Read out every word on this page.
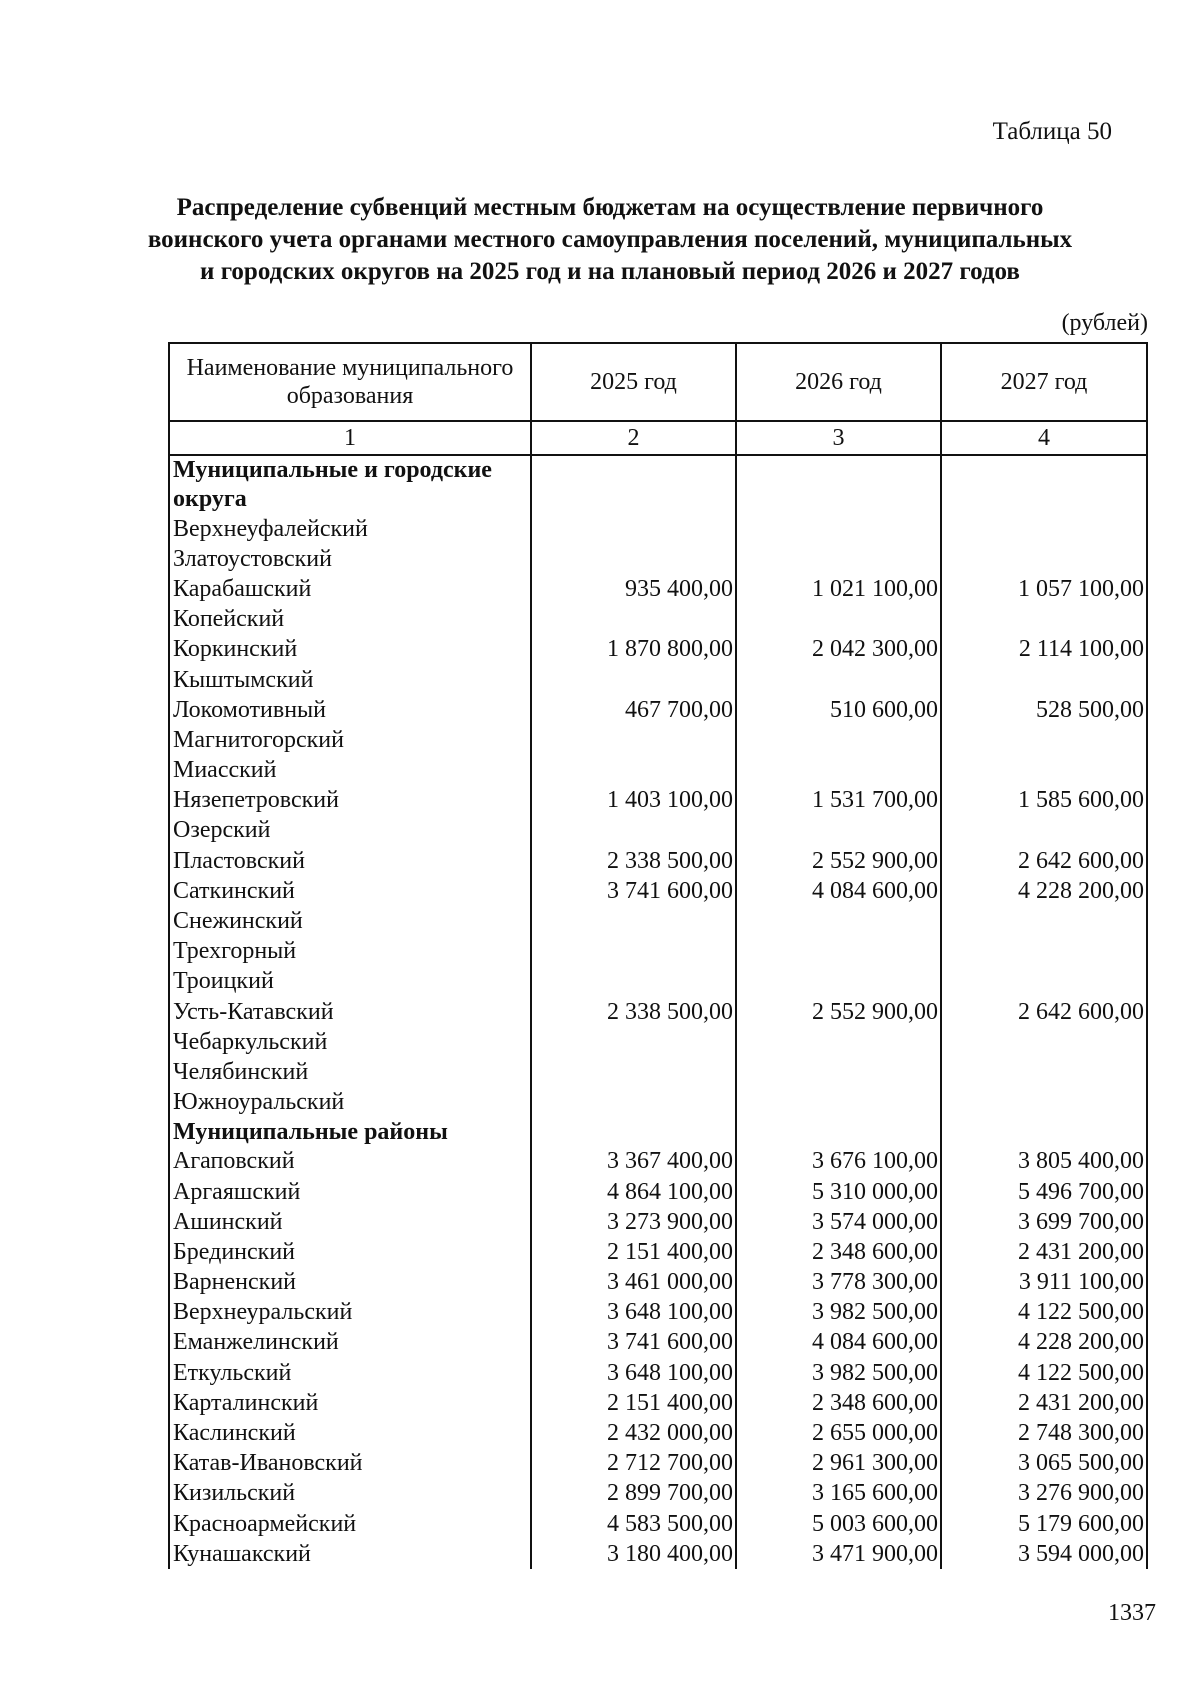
Таблица 50
Распределение субвенций местным бюджетам на осуществление первичного
воинского учета органами местного самоуправления поселений, муниципальных
и городских округов на 2025 год и на плановый период 2026 и 2027 годов
(рублей)
Наименование муниципального образования	2025 год	2026 год	2027 год
1	2	3	4
Муниципальные и городские округа			
Верхнеуфалейский			
Златоустовский			
Карабашский	935 400,00	1 021 100,00	1 057 100,00
Копейский			
Коркинский	1 870 800,00	2 042 300,00	2 114 100,00
Кыштымский			
Локомотивный	467 700,00	510 600,00	528 500,00
Магнитогорский			
Миасский			
Нязепетровский	1 403 100,00	1 531 700,00	1 585 600,00
Озерский			
Пластовский	2 338 500,00	2 552 900,00	2 642 600,00
Саткинский	3 741 600,00	4 084 600,00	4 228 200,00
Снежинский			
Трехгорный			
Троицкий			
Усть-Катавский	2 338 500,00	2 552 900,00	2 642 600,00
Чебаркульский			
Челябинский			
Южноуральский			
Муниципальные районы			
Агаповский	3 367 400,00	3 676 100,00	3 805 400,00
Аргаяшский	4 864 100,00	5 310 000,00	5 496 700,00
Ашинский	3 273 900,00	3 574 000,00	3 699 700,00
Брединский	2 151 400,00	2 348 600,00	2 431 200,00
Варненский	3 461 000,00	3 778 300,00	3 911 100,00
Верхнеуральский	3 648 100,00	3 982 500,00	4 122 500,00
Еманжелинский	3 741 600,00	4 084 600,00	4 228 200,00
Еткульский	3 648 100,00	3 982 500,00	4 122 500,00
Карталинский	2 151 400,00	2 348 600,00	2 431 200,00
Каслинский	2 432 000,00	2 655 000,00	2 748 300,00
Катав-Ивановский	2 712 700,00	2 961 300,00	3 065 500,00
Кизильский	2 899 700,00	3 165 600,00	3 276 900,00
Красноармейский	4 583 500,00	5 003 600,00	5 179 600,00
Кунашакский	3 180 400,00	3 471 900,00	3 594 000,00
1337
